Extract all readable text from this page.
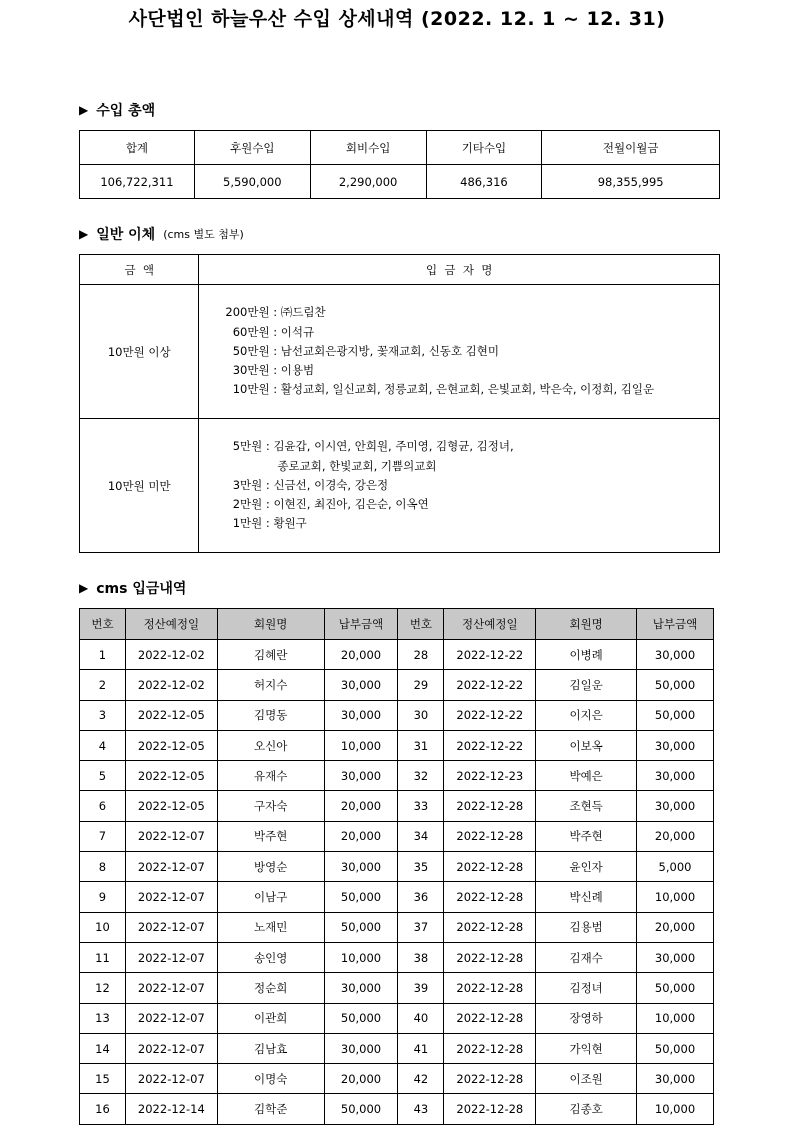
사단법인 하늘우산 수입 상세내역 (2022. 12. 1 ~ 12. 31)
▶ 수입 총액
합계	후원수입	회비수입	기타수입	전월이월금
106,722,311	5,590,000	2,290,000	486,316	98,355,995
▶ 일반 이체 (cms 별도 첨부)
금  액	입  금  자  명
10만원 이상	200만원 : ㈜드림찬
60만원 : 이석규
50만원 : 남선교회은광지방, 꽃재교회, 신동호 김현미
30만원 : 이용범
10만원 : 활성교회, 일신교회, 정릉교회, 은현교회, 은빛교회, 박은숙, 이정희, 김일운

10만원 미만	5만원 : 김윤갑, 이시연, 안희원, 주미영, 김형균, 김정녀,
종로교회, 한빛교회, 기쁨의교회
3만원 : 신금선, 이경숙, 강은정
2만원 : 이현진, 최진아, 김은순, 이옥연
1만원 : 황원구
▶ cms 입금내역
번호	정산예정일	회원명	납부금액	번호	정산예정일	회원명	납부금액
1	2022-12-02	김혜란	20,000	28	2022-12-22	이병례	30,000
2	2022-12-02	허지수	30,000	29	2022-12-22	김일운	50,000
3	2022-12-05	김명동	30,000	30	2022-12-22	이지은	50,000
4	2022-12-05	오신아	10,000	31	2022-12-22	이보옥	30,000
5	2022-12-05	유재수	30,000	32	2022-12-23	박예은	30,000
6	2022-12-05	구자숙	20,000	33	2022-12-28	조현득	30,000
7	2022-12-07	박주현	20,000	34	2022-12-28	박주현	20,000
8	2022-12-07	방영순	30,000	35	2022-12-28	윤인자	5,000
9	2022-12-07	이남구	50,000	36	2022-12-28	박신례	10,000
10	2022-12-07	노재민	50,000	37	2022-12-28	김용범	20,000
11	2022-12-07	송인영	10,000	38	2022-12-28	김재수	30,000
12	2022-12-07	정순희	30,000	39	2022-12-28	김정녀	50,000
13	2022-12-07	이관희	50,000	40	2022-12-28	장영하	10,000
14	2022-12-07	김남효	30,000	41	2022-12-28	가익현	50,000
15	2022-12-07	이명숙	20,000	42	2022-12-28	이조원	30,000
16	2022-12-14	김학준	50,000	43	2022-12-28	김종호	10,000
